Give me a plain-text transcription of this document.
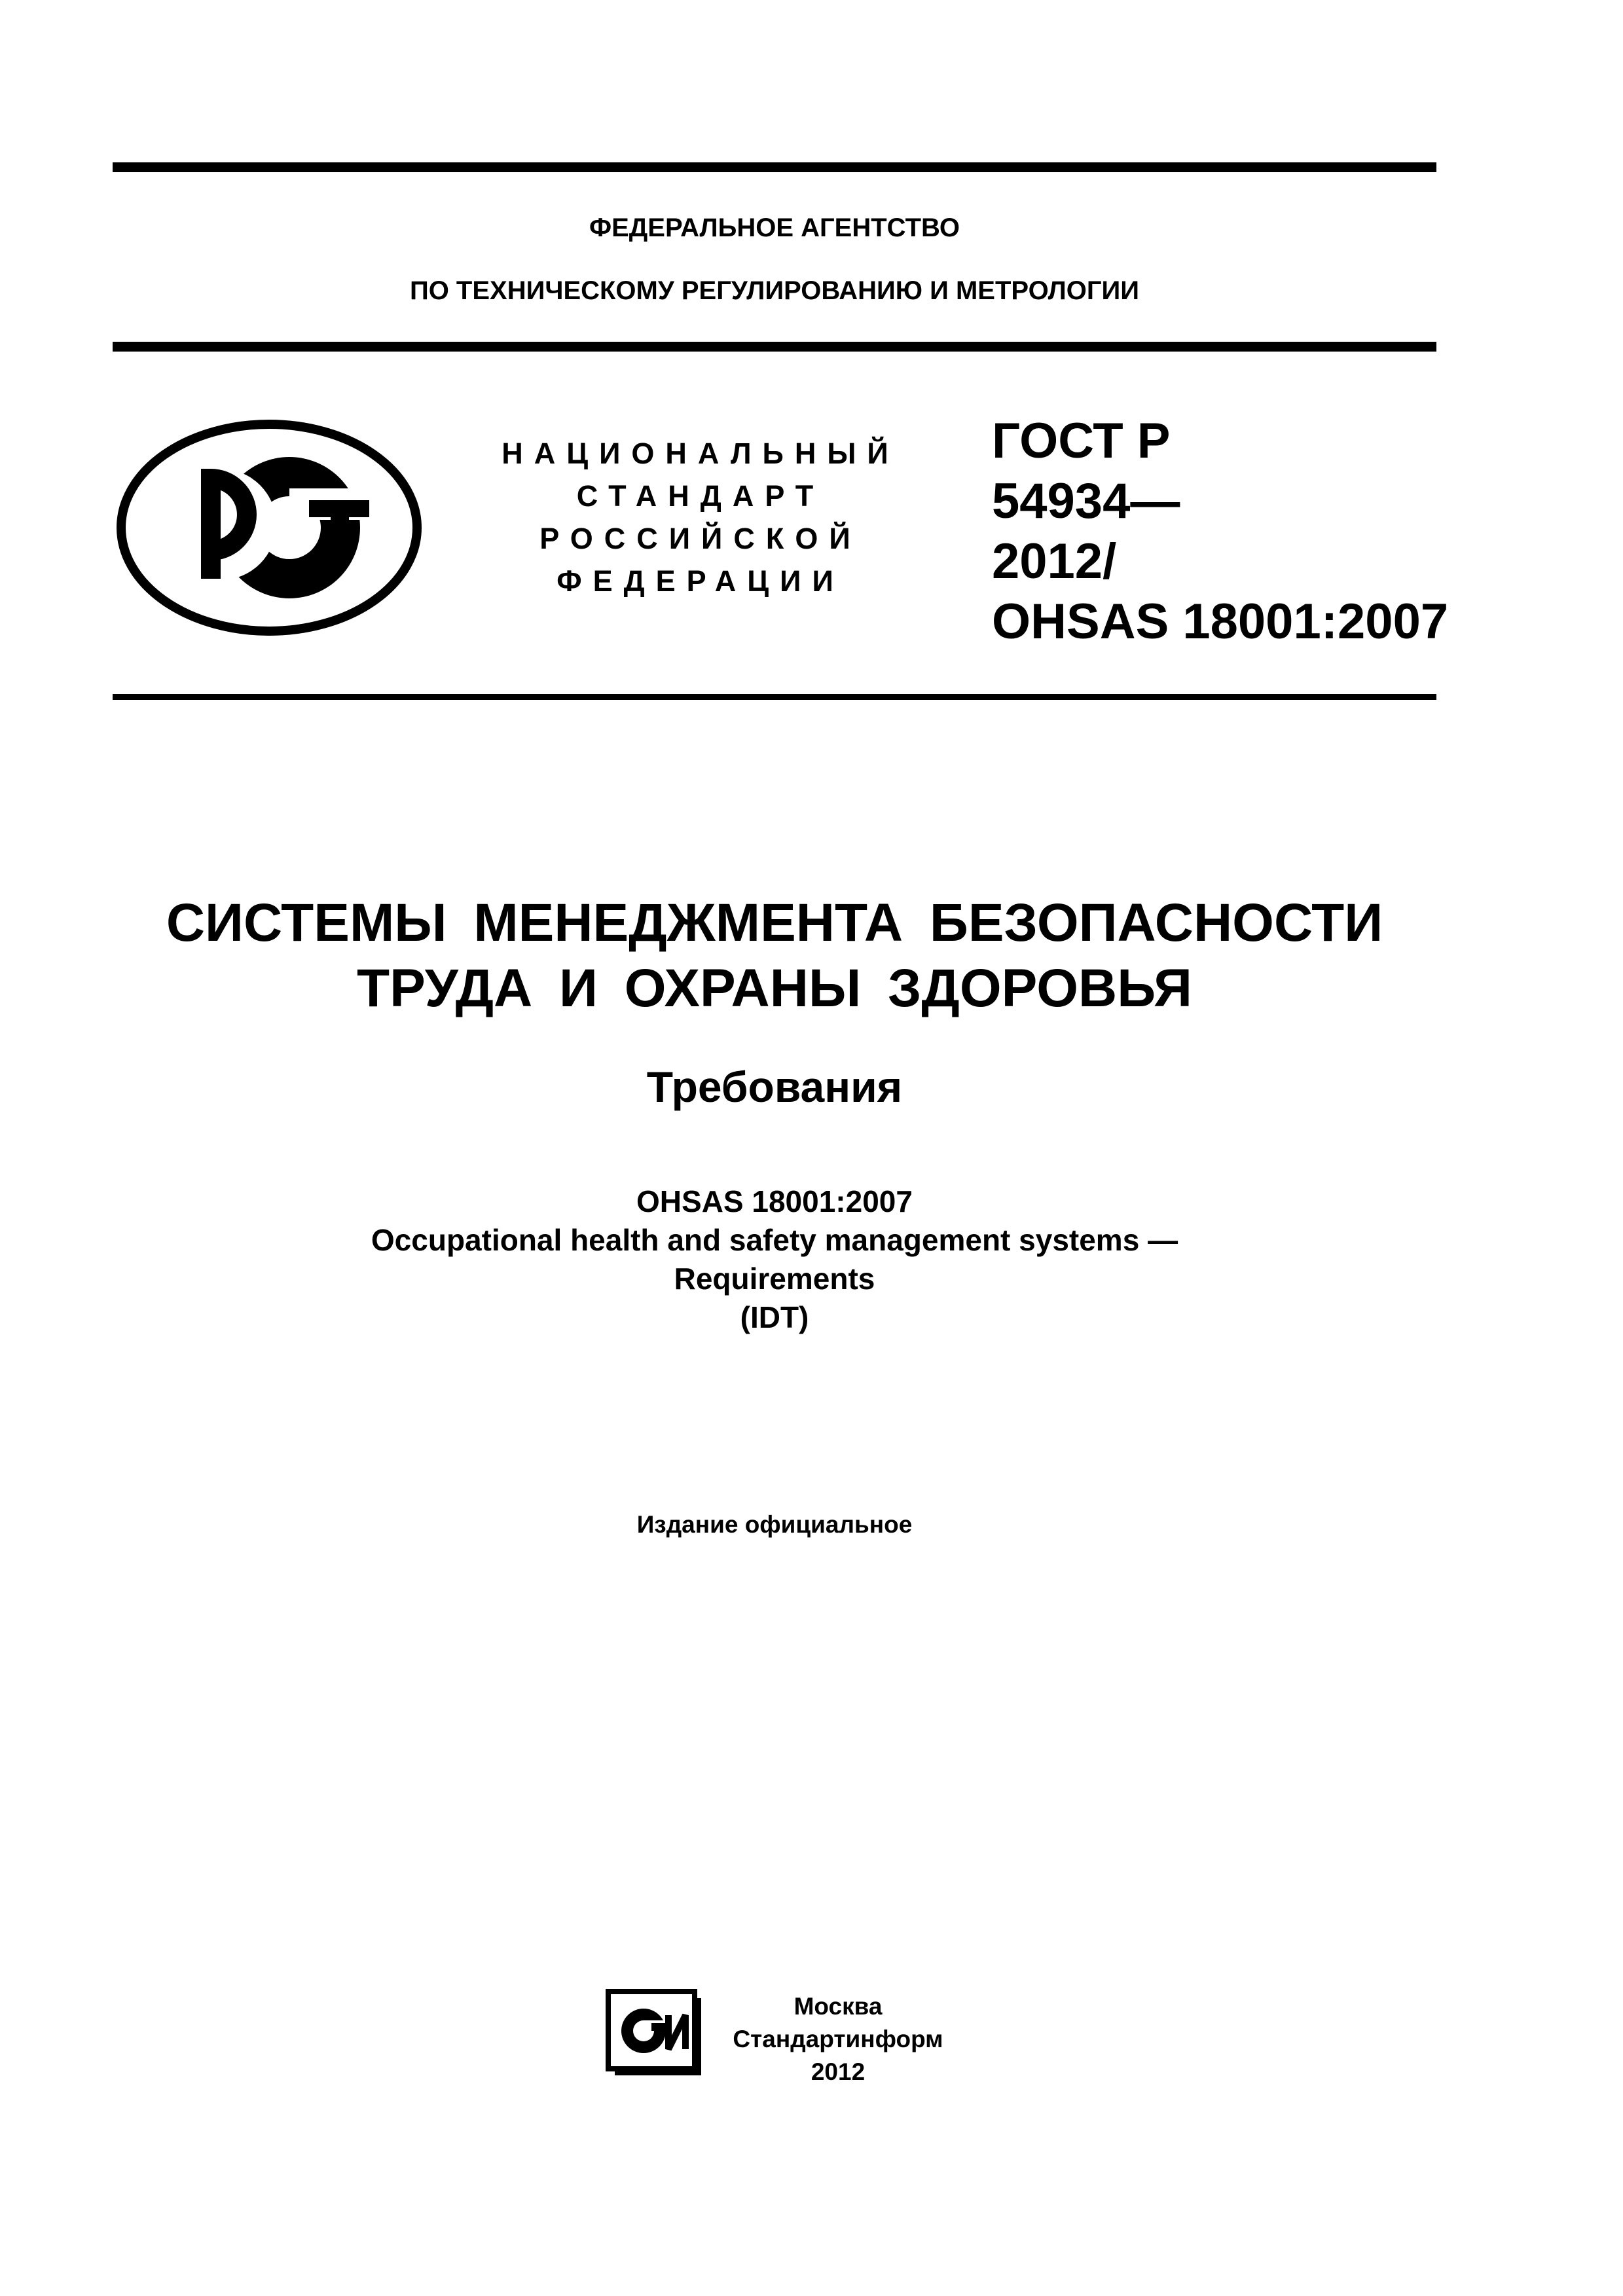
ФЕДЕРАЛЬНОЕ АГЕНТСТВО
ПО ТЕХНИЧЕСКОМУ РЕГУЛИРОВАНИЮ И МЕТРОЛОГИИ
НАЦИОНАЛЬНЫЙ
СТАНДАРТ
РОССИЙСКОЙ
ФЕДЕРАЦИИ
ГОСТ Р
54934—
2012/
OHSAS 18001:2007
СИСТЕМЫ МЕНЕДЖМЕНТА БЕЗОПАСНОСТИ
ТРУДА И ОХРАНЫ ЗДОРОВЬЯ
Требования
OHSAS 18001:2007
Occupational health and safety management systems —
Requirements
(IDT)
Издание официальное
Москва
Стандартинформ
2012
